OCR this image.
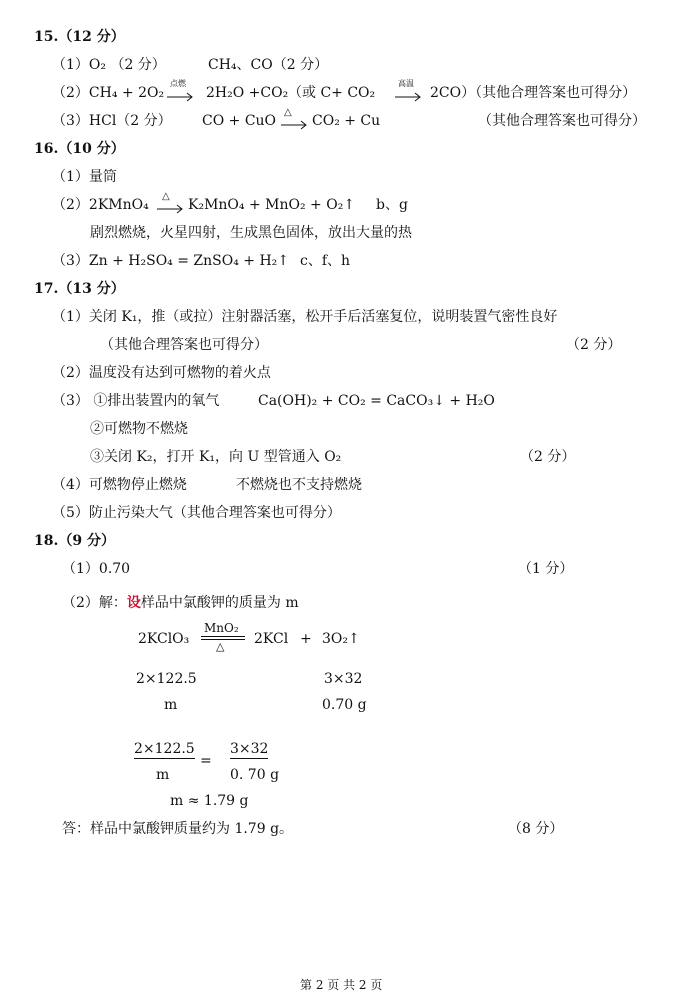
15.（12 分）
（1）O₂ （2 分）	CH₄、CO（2 分）
（2）CH₄ + 2O₂
点燃
→ 2H₂O +CO₂ （或 C+ CO₂
高温
→ 2CO）（其他合理答案也可得分）
（3）HCl（2 分） CO + CuO
△
→ CO₂ + Cu	（其他合理答案也可得分）
16.（10 分）
（1）量筒
（2）2KMnO₄
△
→ K₂MnO₄ + MnO₂ + O₂↑ b、g
剧烈燃烧，火星四射，生成黑色固体，放出大量的热
（3）Zn + H₂SO₄ = ZnSO₄ + H₂↑ c、f、h
17.（13 分）
（1）关闭 K₁，推（或拉）注射器活塞，松开手后活塞复位，说明装置气密性良好
（其他合理答案也可得分）	（2 分）
（2）温度没有达到可燃物的着火点
（3） ①排出装置内的氧气	Ca(OH)₂ + CO₂ = CaCO₃↓ + H₂O
②可燃物不燃烧
③关闭 K₂，打开 K₁，向 U 型管通入 O₂	（2 分）
（4）可燃物停止燃烧	不燃烧也不支持燃烧
（5）防止污染大气（其他合理答案也可得分）
18.（9 分）
（1）0.70	（1 分）
（2）解：设样品中氯酸钾的质量为 m
2KClO₃
MnO₂
△ 2KCl + 3O₂↑
2×122.5	3×32
m	0.70 g
2×122.5
m
=
3×32
0. 70 g
m ≈ 1.79 g
答：样品中氯酸钾质量约为 1.79 g。	（8 分）
第 2 页 共 2 页
